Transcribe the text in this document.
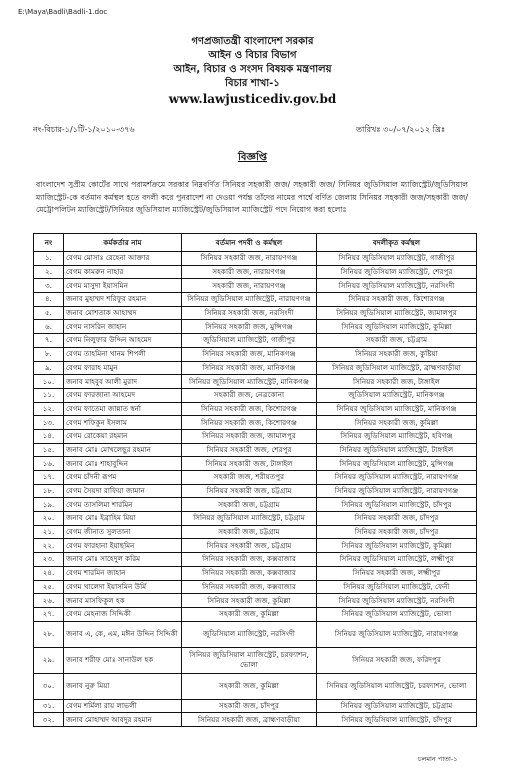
E:\Maya\Badli\Badli-1.doc
গণপ্রজাতন্ত্রী বাংলাদেশ সরকার
আইন ও বিচার বিভাগ
আইন, বিচার ও সংসদ বিষয়ক মন্ত্রণালয়
বিচার শাখা-১
www.lawjusticediv.gov.bd
নং-বিচার-১/১টি-১/২০১০-৩৭৬	তারিখঃ ৩০/০৭/২০১২ খ্রিঃ
বিজ্ঞপ্তি
বাংলাদেশ সুপ্রীম কোর্টের সাথে পরামর্শক্রমে সরকার নিম্নবর্ণিত সিনিয়র সহকারী জজ/ সহকারী জজ/ সিনিয়র জুডিসিয়াল ম্যাজিস্ট্রেট/জুডিসিয়াল ম্যাজিস্ট্রেট-কে বর্তমান কর্মস্থল হতে বদলী করে পুনরাদেশ না দেওয়া পর্যন্ত তাঁদের নামের পার্শ্বে বর্ণিত জেলায় সিনিয়র সহকারী জজ/সহকারী জজ/মেট্রোপলিটন ম্যাজিস্ট্রেট/সিনিয়র জুডিসিয়াল ম্যাজিস্ট্রেট/জুডিসিয়াল ম্যাজিস্ট্রেট পদে নিয়োগ করা হলোঃ
নং	কর্মকর্তার নাম	বর্তমান পদবী ও কর্মস্থল	বদলীকৃত কর্মস্থল
১.	বেগম মোসাঃ রেহেনা আক্তার	সিনিয়র সহকারী জজ, নারায়ণগঞ্জ	সিনিয়র জুডিসিয়াল ম্যাজিস্ট্রেট, গাজীপুর
২.	বেগম কামরুন নাহার	সহকারী জজ, নারায়ণগঞ্জ	সিনিয়র জুডিসিয়াল ম্যাজিস্ট্রেট, শেরপুর
৩.	বেগম মাসুদা ইয়াসমিন	সহকারী জজ, নারায়ণগঞ্জ	সিনিয়র জুডিসিয়াল ম্যাজিস্ট্রেট, নরসিংদী
৪.	জনাব মুহাম্মদ শরিফুর রহমান	সিনিয়র জুডিসিয়াল ম্যাজিস্ট্রেট, নারায়ণগঞ্জ	সিনিয়র সহকারী জজ, কিশোরগঞ্জ
৫.	জনাব মোশতাক আহাম্মদ	সিনিয়র সহকারী জজ, নরসিংদী	সিনিয়র জুডিসিয়াল ম্যাজিস্ট্রেট, জামালপুর
৬.	বেগম নাসরিন জাহান	সিনিয়র সহকারী জজ, মুন্সিগঞ্জ	সিনিয়র জুডিসিয়াল ম্যাজিস্ট্রেট, কুমিল্লা
৭.	বেগম নিলুফার উদ্দিন আহমেদ	জুডিসিয়াল ম্যাজিস্ট্রেট, গাজীপুর	সহকারী জজ, চট্টগ্রাম
৮.	বেগম তাহমিনা খানম শিপলী	সিনিয়র সহকারী জজ, মানিকগঞ্জ	সিনিয়র সহকারী জজ, কুষ্টিয়া
৯.	বেগম ফারাহ মামুন	সিনিয়র সহকারী জজ, মানিকগঞ্জ	সিনিয়র জুডিসিয়াল ম্যাজিস্ট্রেট, ব্রাহ্মণবাড়ীয়া
১০.	জনাব মাহবুব আলী মুরাদ	সিনিয়র জুডিসিয়াল ম্যাজিস্ট্রেট, মানিকগঞ্জ	সিনিয়র সহকারী জজ, টাঙ্গাইল
১১.	বেগম ফারজানা আহমেদ	সহকারী জজ, নেত্রকোনা	জুডিসিয়াল ম্যাজিস্ট্রেট, মানিকগঞ্জ
১২.	বেগম ফাতেমা জান্নাত স্বর্না	সিনিয়র সহকারী জজ, কিশোরগঞ্জ	সিনিয়র জুডিসিয়াল ম্যাজিস্ট্রেট, মানিকগঞ্জ
১৩.	বেগম শফিকুন ইসলাম	সিনিয়র সহকারী জজ, কিশোরগঞ্জ	সিনিয়র সহকারী জজ, কুমিল্লা
১৪.	বেগম রোকেয়া রহমান	সিনিয়র সহকারী জজ, জামালপুর	সিনিয়র জুডিসিয়াল ম্যাজিস্ট্রেট, হবিগঞ্জ
১৫.	জনাব মোঃ মোখলেছুর রহমান	সিনিয়র সহকারী জজ, শেরপুর	সিনিয়র জুডিসিয়াল ম্যাজিস্ট্রেট, টাঙ্গাইল
১৬.	জনাব মোঃ শাহাবুদ্দিন	সিনিয়র সহকারী জজ, টাঙ্গাইল	সিনিয়র জুডিসিয়াল ম্যাজিস্ট্রেট, মুন্সিগঞ্জ
১৭.	বেগম চাঁদনী রূপম	সহকারী জজ, শরীয়তপুর	সিনিয়র জুডিসিয়াল ম্যাজিস্ট্রেট, নারায়ণগঞ্জ
১৮.	বেগম সৈয়দা রাফিয়া জামান	সিনিয়র সহকারী জজ, চট্টগ্রাম	সিনিয়র জুডিসিয়াল ম্যাজিস্ট্রেট, নারায়ণগঞ্জ
১৯.	বেগম তাসলিমা শারমিন	সহকারী জজ, চট্টগ্রাম	সিনিয়র জুডিসিয়াল ম্যাজিস্ট্রেট, চাঁদপুর
২০.	জনাব মোঃ ইব্রাহিম মিয়া	সিনিয়র জুডিসিয়াল ম্যাজিস্ট্রেট, চট্টগ্রাম	সিনিয়র সহকারী জজ, চাঁদপুর
২১.	বেগম জীনাত সুলতানা	সহকারী জজ, চট্টগ্রাম	সিনিয়র সহকারী জজ, চাঁদপুর
২২.	বেগম ফারহানা ইয়াছমিন	সিনিয়র সহকারী জজ, চট্টগ্রাম	সিনিয়র জুডিসিয়াল ম্যাজিস্ট্রেট, কুমিল্লা
২৩.	জনাব মোঃ সাহেদুল করিম	সিনিয়র সহকারী জজ, কক্সবাজার	সিনিয়র জুডিসিয়াল ম্যাজিস্ট্রেট, লক্ষ্মীপুর
২৪.	বেগম শারমিন জাহান	সিনিয়র সহকারী জজ, কক্সবাজার	সিনিয়র সহকারী জজ, লক্ষ্মীপুর
২৫.	বেগম খালেদা ইয়াসমিন উর্মি	সিনিয়র সহকারী জজ, কক্সবাজার	সিনিয়র জুডিসিয়াল ম্যাজিস্ট্রেট, ফেনী
২৬.	জনাব মাসফিকুল হক	সিনিয়র সহকারী জজ, কুমিল্লা	সিনিয়র জুডিসিয়াল ম্যাজিস্ট্রেট, নরসিংদী
২৭.	বেগম মেহনাজ সিদ্দিকী	সহকারী জজ, কুমিল্লা	সিনিয়র জুডিসিয়াল ম্যাজিস্ট্রেট, ভোলা
২৮.	জনাব এ, কে, এম, মঈন উদ্দিন সিদ্দিকী	জুডিসিয়াল ম্যাজিস্ট্রেট, নরসিংদী	সিনিয়র জুডিসিয়াল ম্যাজিস্ট্রেট, নারায়ণগঞ্জ
২৯.	জনাব শরীফ মোঃ সানাউল হক	সিনিয়র জুডিসিয়াল ম্যাজিস্ট্রেট, চরফ্যাশন, ভোলা	সিনিয়র সহকারী জজ, ফরিদপুর
৩০.	জনাব নুরু মিয়া	সহকারী জজ, কুমিল্লা	সিনিয়র জুডিসিয়াল ম্যাজিস্ট্রেট, চরফ্যাশন, ভোলা
৩১.	বেগম শর্মিলা রায় লাভলী	সহকারী জজ, চাঁদপুর	সিনিয়র জুডিসিয়াল ম্যাজিস্ট্রেট, চট্টগ্রাম
৩২.	জনাব মোহাম্মদ আবদুর রহমান	সিনিয়র সহকারী জজ, ব্রাহ্মণবাড়ীয়া	সিনিয়র জুডিসিয়াল ম্যাজিস্ট্রেট, চাঁদপুর
চলমান পাতা-১
